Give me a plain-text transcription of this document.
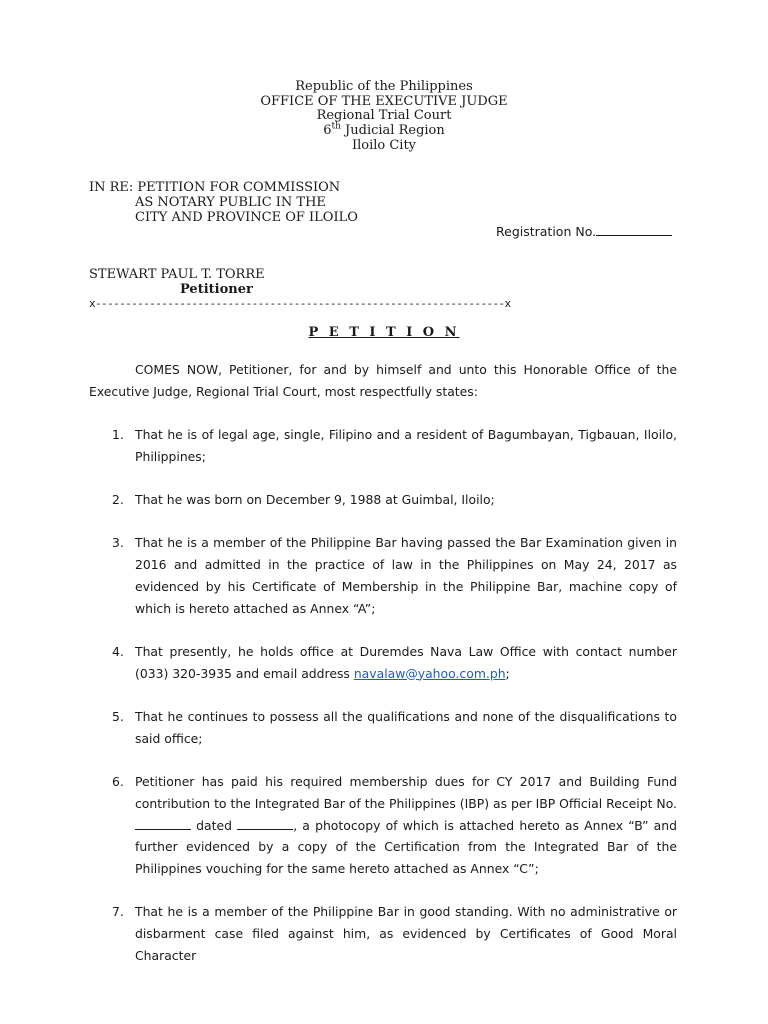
Republic of the Philippines
OFFICE OF THE EXECUTIVE JUDGE
Regional Trial Court
6th Judicial Region
Iloilo City
IN RE: PETITION FOR COMMISSION
AS NOTARY PUBLIC IN THE
CITY AND PROVINCE OF ILOILO
Registration No.
STEWART PAUL T. TORRE
Petitioner
x--------------------------------------------------------------------x
P E T I T I O N
COMES NOW, Petitioner, for and by himself and unto this Honorable Office of the Executive Judge, Regional Trial Court, most respectfully states:
1. That he is of legal age, single, Filipino and a resident of Bagumbayan, Tigbauan, Iloilo, Philippines;
2. That he was born on December 9, 1988 at Guimbal, Iloilo;
3. That he is a member of the Philippine Bar having passed the Bar Examination given in 2016 and admitted in the practice of law in the Philippines on May 24, 2017 as evidenced by his Certificate of Membership in the Philippine Bar, machine copy of which is hereto attached as Annex “A”;
4. That presently, he holds office at Duremdes Nava Law Office with contact number (033) 320-3935 and email address navalaw@yahoo.com.ph;
5. That he continues to possess all the qualifications and none of the disqualifications to said office;
6. Petitioner has paid his required membership dues for CY 2017 and Building Fund contribution to the Integrated Bar of the Philippines (IBP) as per IBP Official Receipt No.  dated	, a photocopy of which is attached hereto as Annex “B” and further evidenced by a copy of the Certification from the Integrated Bar of the Philippines vouching for the same hereto attached as Annex “C”;
7. That he is a member of the Philippine Bar in good standing. With no administrative or disbarment case filed against him, as evidenced by Certificates of Good Moral Character
